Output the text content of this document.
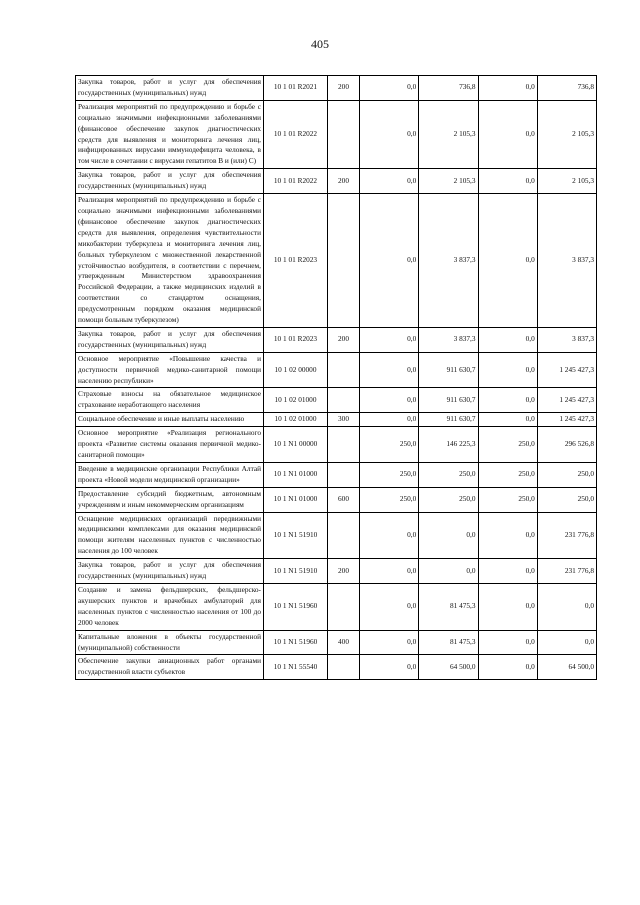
405
Закупка товаров, работ и услуг для обеспечения государственных (муниципальных) нужд	10 1 01 R2021	200	0,0	736,8	0,0	736,8
Реализация мероприятий по предупреждению и борьбе с социально значимыми инфекционными заболеваниями (финансовое обеспечение закупок диагностических средств для выявления и мониторинга лечения лиц, инфицированных вирусами иммунодефицита человека, в том числе в сочетании с вирусами гепатитов В и (или) С)	10 1 01 R2022		0,0	2 105,3	0,0	2 105,3
Закупка товаров, работ и услуг для обеспечения государственных (муниципальных) нужд	10 1 01 R2022	200	0,0	2 105,3	0,0	2 105,3
Реализация мероприятий по предупреждению и борьбе с социально значимыми инфекционными заболеваниями (финансовое обеспечение закупок диагностических средств для выявления, определения чувствительности микобактерии туберкулеза и мониторинга лечения лиц, больных туберкулезом с множественной лекарственной устойчивостью возбудителя, в соответствии с перечнем, утвержденным Министерством здравоохранения Российской Федерации, а также медицинских изделий в соответствии со стандартом оснащения, предусмотренным порядком оказания медицинской помощи больным туберкулезом)	10 1 01 R2023		0,0	3 837,3	0,0	3 837,3
Закупка товаров, работ и услуг для обеспечения государственных (муниципальных) нужд	10 1 01 R2023	200	0,0	3 837,3	0,0	3 837,3
Основное мероприятие «Повышение качества и доступности первичной медико-санитарной помощи населению республики»	10 1 02 00000		0,0	911 630,7	0,0	1 245 427,3
Страховые взносы на обязательное медицинское страхование неработающего населения	10 1 02 01000		0,0	911 630,7	0,0	1 245 427,3
Социальное обеспечение и иные выплаты населению	10 1 02 01000	300	0,0	911 630,7	0,0	1 245 427,3
Основное мероприятие «Реализация регионального проекта «Развитие системы оказания первичной медико-санитарной помощи»	10 1 N1 00000		250,0	146 225,3	250,0	296 526,8
Введение в медицинские организации Республики Алтай проекта «Новой модели медицинской организации»	10 1 N1 01000		250,0	250,0	250,0	250,0
Предоставление субсидий бюджетным, автономным учреждениям и иным некоммерческим организациям	10 1 N1 01000	600	250,0	250,0	250,0	250,0
Оснащение медицинских организаций передвижными медицинскими комплексами для оказания медицинской помощи жителям населенных пунктов с численностью населения до 100 человек	10 1 N1 51910		0,0	0,0	0,0	231 776,8
Закупка товаров, работ и услуг для обеспечения государственных (муниципальных) нужд	10 1 N1 51910	200	0,0	0,0	0,0	231 776,8
Создание и замена фельдшерских, фельдшерско-акушерских пунктов и врачебных амбулаторий для населенных пунктов с численностью населения от 100 до 2000 человек	10 1 N1 51960		0,0	81 475,3	0,0	0,0
Капитальные вложения в объекты государственной (муниципальной) собственности	10 1 N1 51960	400	0,0	81 475,3	0,0	0,0
Обеспечение закупки авиационных работ органами государственной власти субъектов	10 1 N1 55540		0,0	64 500,0	0,0	64 500,0
